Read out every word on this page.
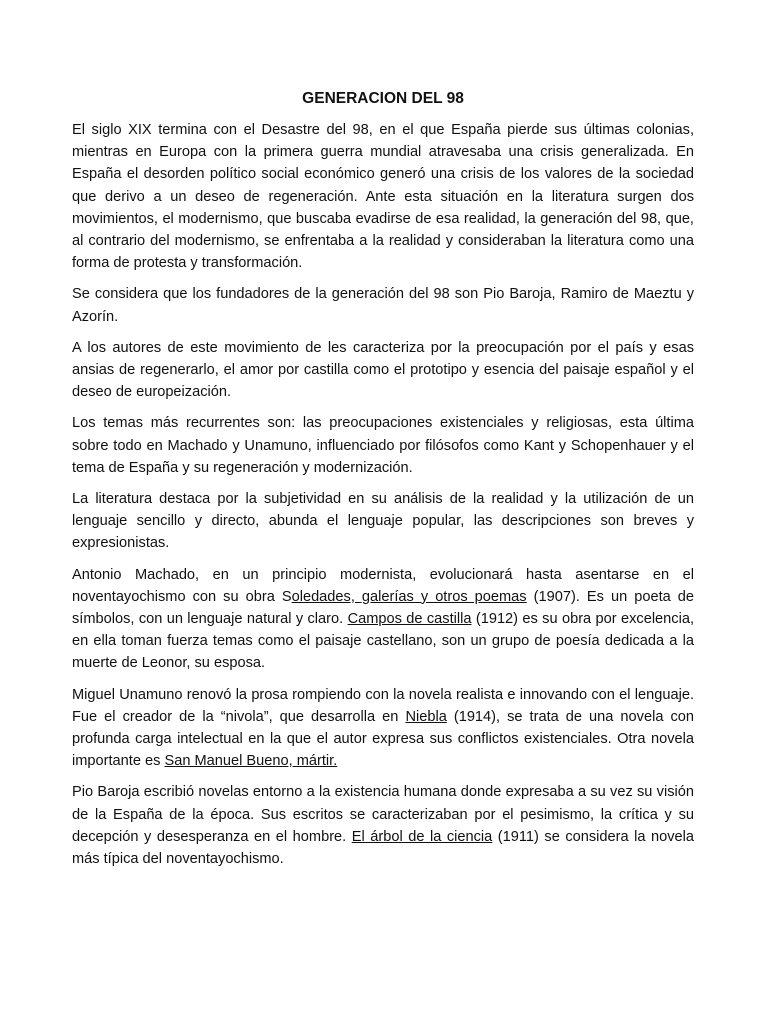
GENERACION DEL 98

El siglo XIX termina con el Desastre del 98, en el que España pierde sus últimas colonias, mientras en Europa con la primera guerra mundial atravesaba una crisis generalizada. En España el desorden político social económico generó una crisis de los valores de la sociedad que derivo a un deseo de regeneración. Ante esta situación en la literatura surgen dos movimientos, el modernismo, que buscaba evadirse de esa realidad, la generación del 98, que, al contrario del modernismo, se enfrentaba a la realidad y consideraban la literatura como una forma de protesta y transformación.

Se considera que los fundadores de la generación del 98 son Pio Baroja, Ramiro de Maeztu y Azorín.

A los autores de este movimiento de les caracteriza por la preocupación por el país y esas ansias de regenerarlo, el amor por castilla como el prototipo y esencia del paisaje español y el deseo de europeización.

Los temas más recurrentes son: las preocupaciones existenciales y religiosas, esta última sobre todo en Machado y Unamuno, influenciado por filósofos como Kant y Schopenhauer y el tema de España y su regeneración y modernización.

La literatura destaca por la subjetividad en su análisis de la realidad y la utilización de un lenguaje sencillo y directo, abunda el lenguaje popular, las descripciones son breves y expresionistas.

Antonio Machado, en un principio modernista, evolucionará hasta asentarse en el noventayochismo con su obra Soledades, galerías y otros poemas (1907). Es un poeta de símbolos, con un lenguaje natural y claro. Campos de castilla (1912) es su obra por excelencia, en ella toman fuerza temas como el paisaje castellano, son un grupo de poesía dedicada a la muerte de Leonor, su esposa.

Miguel Unamuno renovó la prosa rompiendo con la novela realista e innovando con el lenguaje. Fue el creador de la “nivola”, que desarrolla en Niebla (1914), se trata de una novela con profunda carga intelectual en la que el autor expresa sus conflictos existenciales. Otra novela importante es San Manuel Bueno, mártir.

Pio Baroja escribió novelas entorno a la existencia humana donde expresaba a su vez su visión de la España de la época. Sus escritos se caracterizaban por el pesimismo, la crítica y su decepción y desesperanza en el hombre. El árbol de la ciencia (1911) se considera la novela más típica del noventayochismo.
